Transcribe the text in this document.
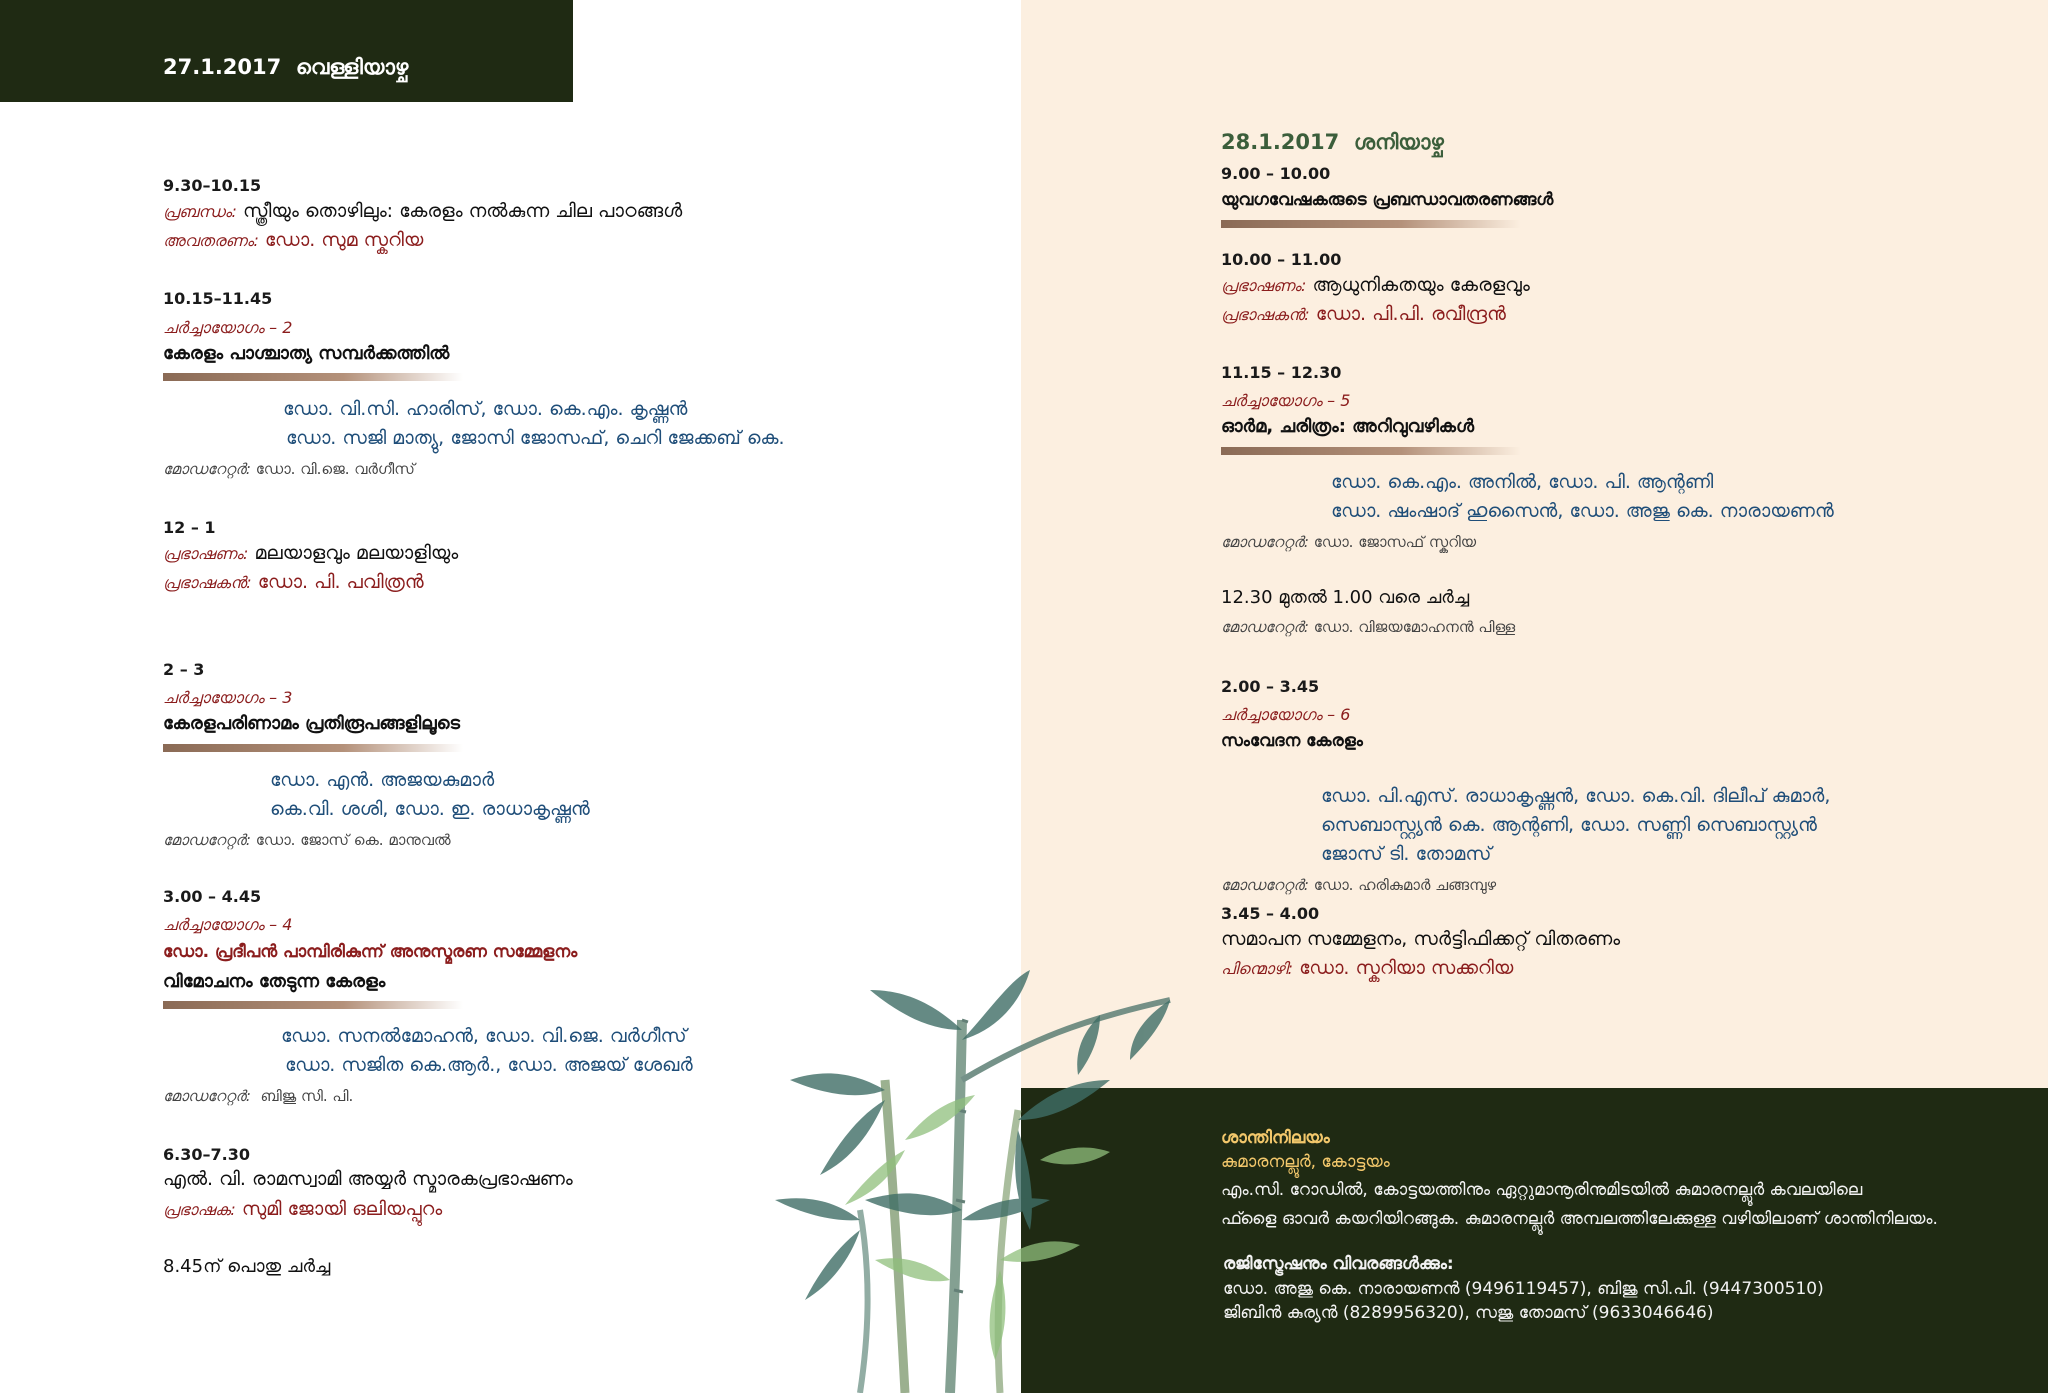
27.1.2017 വെള്ളിയാഴ്ച
9.30–10.15
പ്രബന്ധം: സ്ത്രീയും തൊഴിലും: കേരളം നൽകുന്ന ചില പാഠങ്ങൾ
അവതരണം: ഡോ. സുമ സ്കറിയ
10.15–11.45
ചർച്ചായോഗം – 2
കേരളം പാശ്ചാത്യ സമ്പർക്കത്തിൽ
ഡോ. വി.സി. ഹാരിസ്, ഡോ. കെ.എം. കൃഷ്ണൻ
ഡോ. സജി മാത്യു, ജോസി ജോസഫ്, ചെറി ജേക്കബ് കെ.
മോഡറേറ്റർ: ഡോ. വി.ജെ. വർഗീസ്
12 – 1
പ്രഭാഷണം: മലയാളവും മലയാളിയും
പ്രഭാഷകൻ: ഡോ. പി. പവിത്രൻ
2 – 3
ചർച്ചായോഗം – 3
കേരളപരിണാമം പ്രതിരൂപങ്ങളിലൂടെ
ഡോ. എൻ. അജയകുമാർ
കെ.വി. ശശി, ഡോ. ഇ. രാധാകൃഷ്ണൻ
മോഡറേറ്റർ: ഡോ. ജോസ് കെ. മാനുവൽ
3.00 – 4.45
ചർച്ചായോഗം – 4
ഡോ. പ്രദീപൻ പാമ്പിരികുന്ന് അനുസ്മരണ സമ്മേളനം
വിമോചനം തേടുന്ന കേരളം
ഡോ. സനൽമോഹൻ, ഡോ. വി.ജെ. വർഗീസ്
ഡോ. സജിത കെ.ആർ., ഡോ. അജയ് ശേഖർ
മോഡറേറ്റർ: ബിജു സി. പി.
6.30–7.30
എൽ. വി. രാമസ്വാമി അയ്യർ സ്മാരകപ്രഭാഷണം
പ്രഭാഷക: സുമി ജോയി ഒലിയപ്പുറം
8.45ന് പൊതു ചർച്ച
28.1.2017 ശനിയാഴ്ച
9.00 – 10.00
യുവഗവേഷകരുടെ പ്രബന്ധാവതരണങ്ങൾ
10.00 – 11.00
പ്രഭാഷണം: ആധുനികതയും കേരളവും
പ്രഭാഷകൻ: ഡോ. പി.പി. രവീന്ദ്രൻ
11.15 – 12.30
ചർച്ചായോഗം – 5
ഓർമ, ചരിത്രം: അറിവുവഴികൾ
ഡോ. കെ.എം. അനിൽ, ഡോ. പി. ആന്റണി
ഡോ. ഷംഷാദ് ഹുസൈൻ, ഡോ. അജു കെ. നാരായണൻ
മോഡറേറ്റർ: ഡോ. ജോസഫ് സ്കറിയ
12.30 മുതൽ 1.00 വരെ ചർച്ച
മോഡറേറ്റർ: ഡോ. വിജയമോഹനൻ പിള്ള
2.00 – 3.45
ചർച്ചായോഗം – 6
സംവേദന കേരളം
ഡോ. പി.എസ്. രാധാകൃഷ്ണൻ, ഡോ. കെ.വി. ദിലീപ് കുമാർ,
സെബാസ്റ്റ്യൻ കെ. ആന്റണി, ഡോ. സണ്ണി സെബാസ്റ്റ്യൻ
ജോസ് ടി. തോമസ്
മോഡറേറ്റർ: ഡോ. ഹരികുമാർ ചങ്ങമ്പുഴ
3.45 – 4.00
സമാപന സമ്മേളനം, സർട്ടിഫിക്കറ്റ് വിതരണം
പിന്മൊഴി: ഡോ. സ്കറിയാ സക്കറിയ
ശാന്തിനിലയം
കുമാരനല്ലൂർ, കോട്ടയം
എം.സി. റോഡിൽ, കോട്ടയത്തിനും ഏറ്റുമാനൂരിനുമിടയിൽ കുമാരനല്ലൂർ കവലയിലെ
ഫ്ളൈ ഓവർ കയറിയിറങ്ങുക. കുമാരനല്ലൂർ അമ്പലത്തിലേക്കുള്ള വഴിയിലാണ് ശാന്തിനിലയം.
രജിസ്ട്രേഷനും വിവരങ്ങൾക്കും:
ഡോ. അജു കെ. നാരായണൻ (9496119457), ബിജു സി.പി. (9447300510)
ജിബിൻ കുര്യൻ (8289956320), സജു തോമസ് (9633046646)
